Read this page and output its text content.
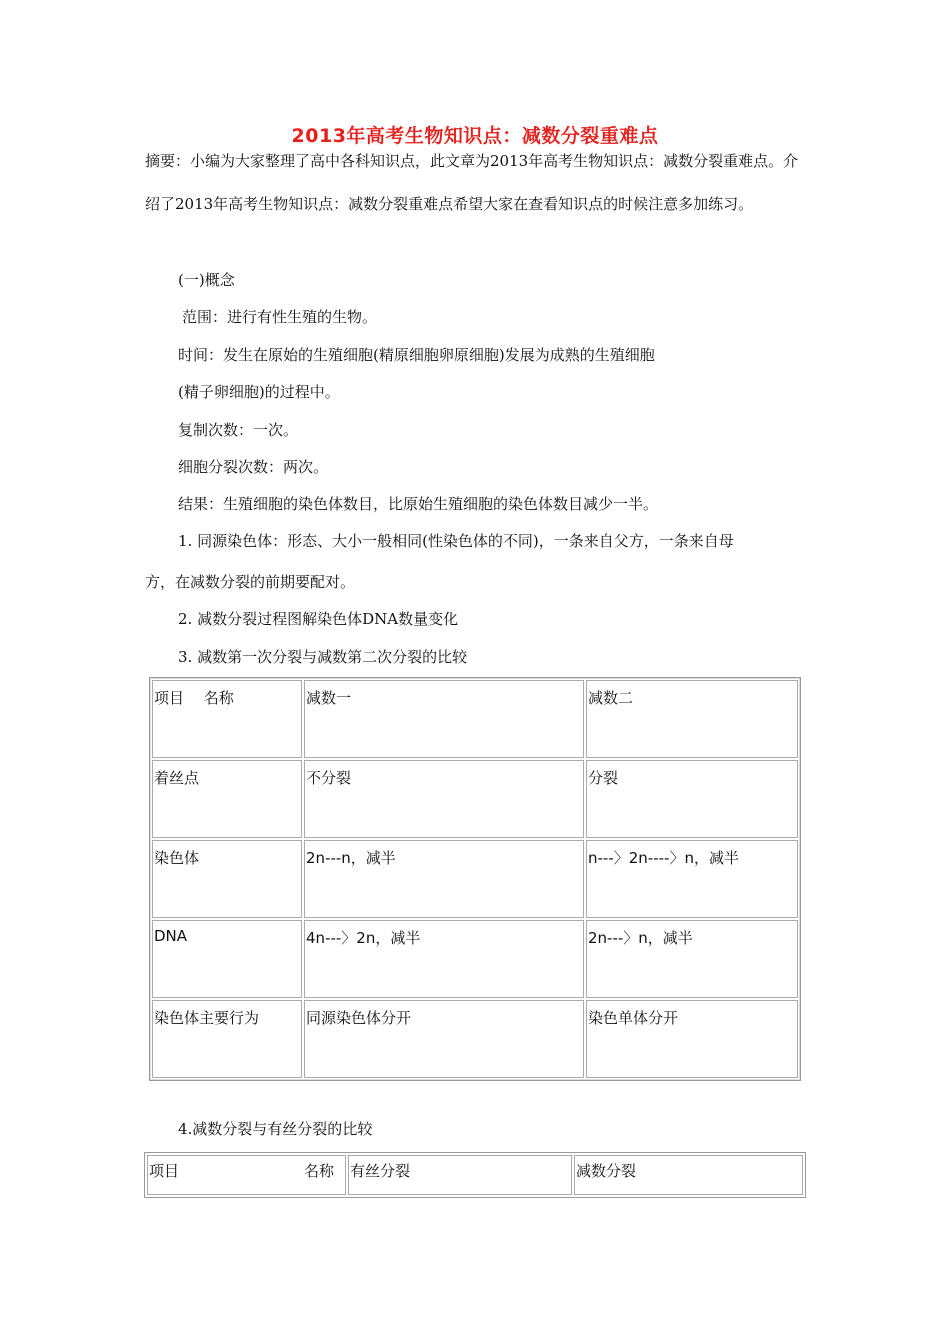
2013年高考生物知识点：减数分裂重难点
摘要：小编为大家整理了高中各科知识点，此文章为2013年高考生物知识点：减数分裂重难点。介绍了2013年高考生物知识点：减数分裂重难点希望大家在查看知识点的时候注意多加练习。
(一)概念
范围：进行有性生殖的生物。
时间：发生在原始的生殖细胞(精原细胞卵原细胞)发展为成熟的生殖细胞
(精子卵细胞)的过程中。
复制次数：一次。
细胞分裂次数：两次。
结果：生殖细胞的染色体数目，比原始生殖细胞的染色体数目减少一半。
1. 同源染色体：形态、大小一般相同(性染色体的不同)，一条来自父方，一条来自母
方，在减数分裂的前期要配对。
2. 减数分裂过程图解染色体DNA数量变化
3. 减数第一次分裂与减数第二次分裂的比较
项目　 名称	减数一	减数二
着丝点	不分裂	分裂
染色体	2n---n，减半	n---〉2n----〉n，减半
DNA	4n---〉2n，减半	2n---〉n，减半
染色体主要行为	同源染色体分开	染色单体分开
4.减数分裂与有丝分裂的比较
项目	名称	有丝分裂	减数分裂
